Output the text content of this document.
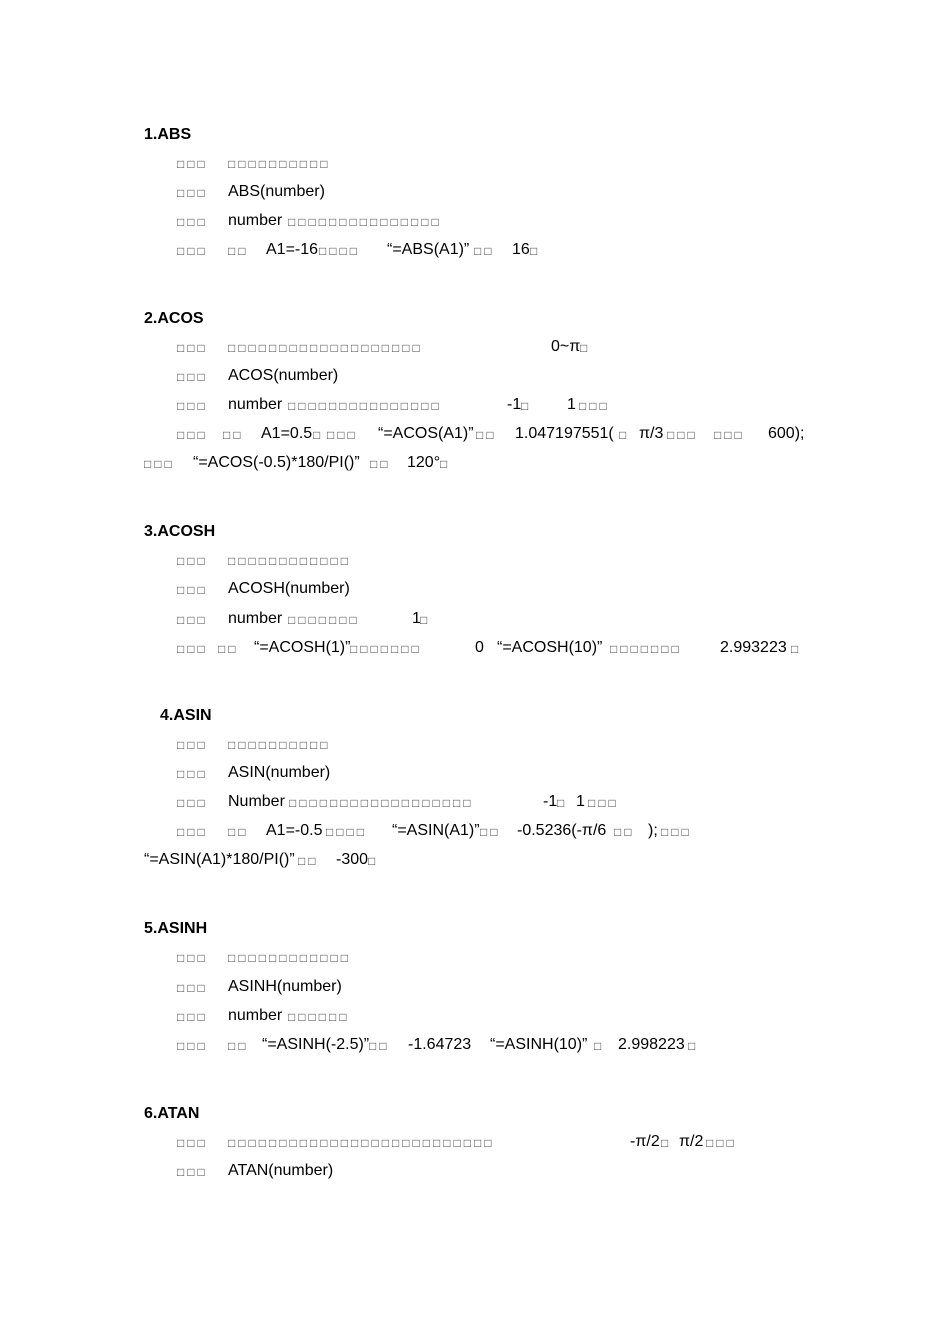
1.ABS
□□□ □□□□□□□□□□
□□□ ABS(number)
□□□ number □□□□□□□□□□□□□□□
□□□ □□ A1=-16 □□□□ “=ABS(A1)” □□ 16 □
2.ACOS
□□□ □□□□□□□□□□□□□□□□□□□	0~π □
□□□ ACOS(number)
□□□ number □□□□□□□□□□□□□□□	-1 □ 1 □□□
□□□ □□ A1=0.5 □ □□□ “=ACOS(A1)” □□ 1.047197551( □ π/3 □□□ □□□ 600);
□□□ “=ACOS(-0.5)*180/PI()” □□ 120° □
3.ACOSH
□□□ □□□□□□□□□□□□
□□□ ACOSH(number)
□□□ number □□□□□□□	1 □
□□□ □□ “=ACOSH(1)” □□□□□□□	0 “=ACOSH(10)” □□□□□□□ 2.993223 □
4.ASIN
□□□ □□□□□□□□□□
□□□ ASIN(number)
□□□ Number □□□□□□□□□□□□□□□□□□	-1 □ 1 □□□
□□□ □□ A1=-0.5 □□□□ “=ASIN(A1)” □□ -0.5236(-π/6 □□ ); □□□
“=ASIN(A1)*180/PI()” □□ -300 □
5.ASINH
□□□ □□□□□□□□□□□□
□□□ ASINH(number)
□□□ number □□□□□□
□□□ □□ “=ASINH(-2.5)” □□ -1.64723 “=ASINH(10)” □ 2.998223 □
6.ATAN
□□□ □□□□□□□□□□□□□□□□□□□□□□□□□□	-π/2 □ π/2 □□□
□□□ ATAN(number)
